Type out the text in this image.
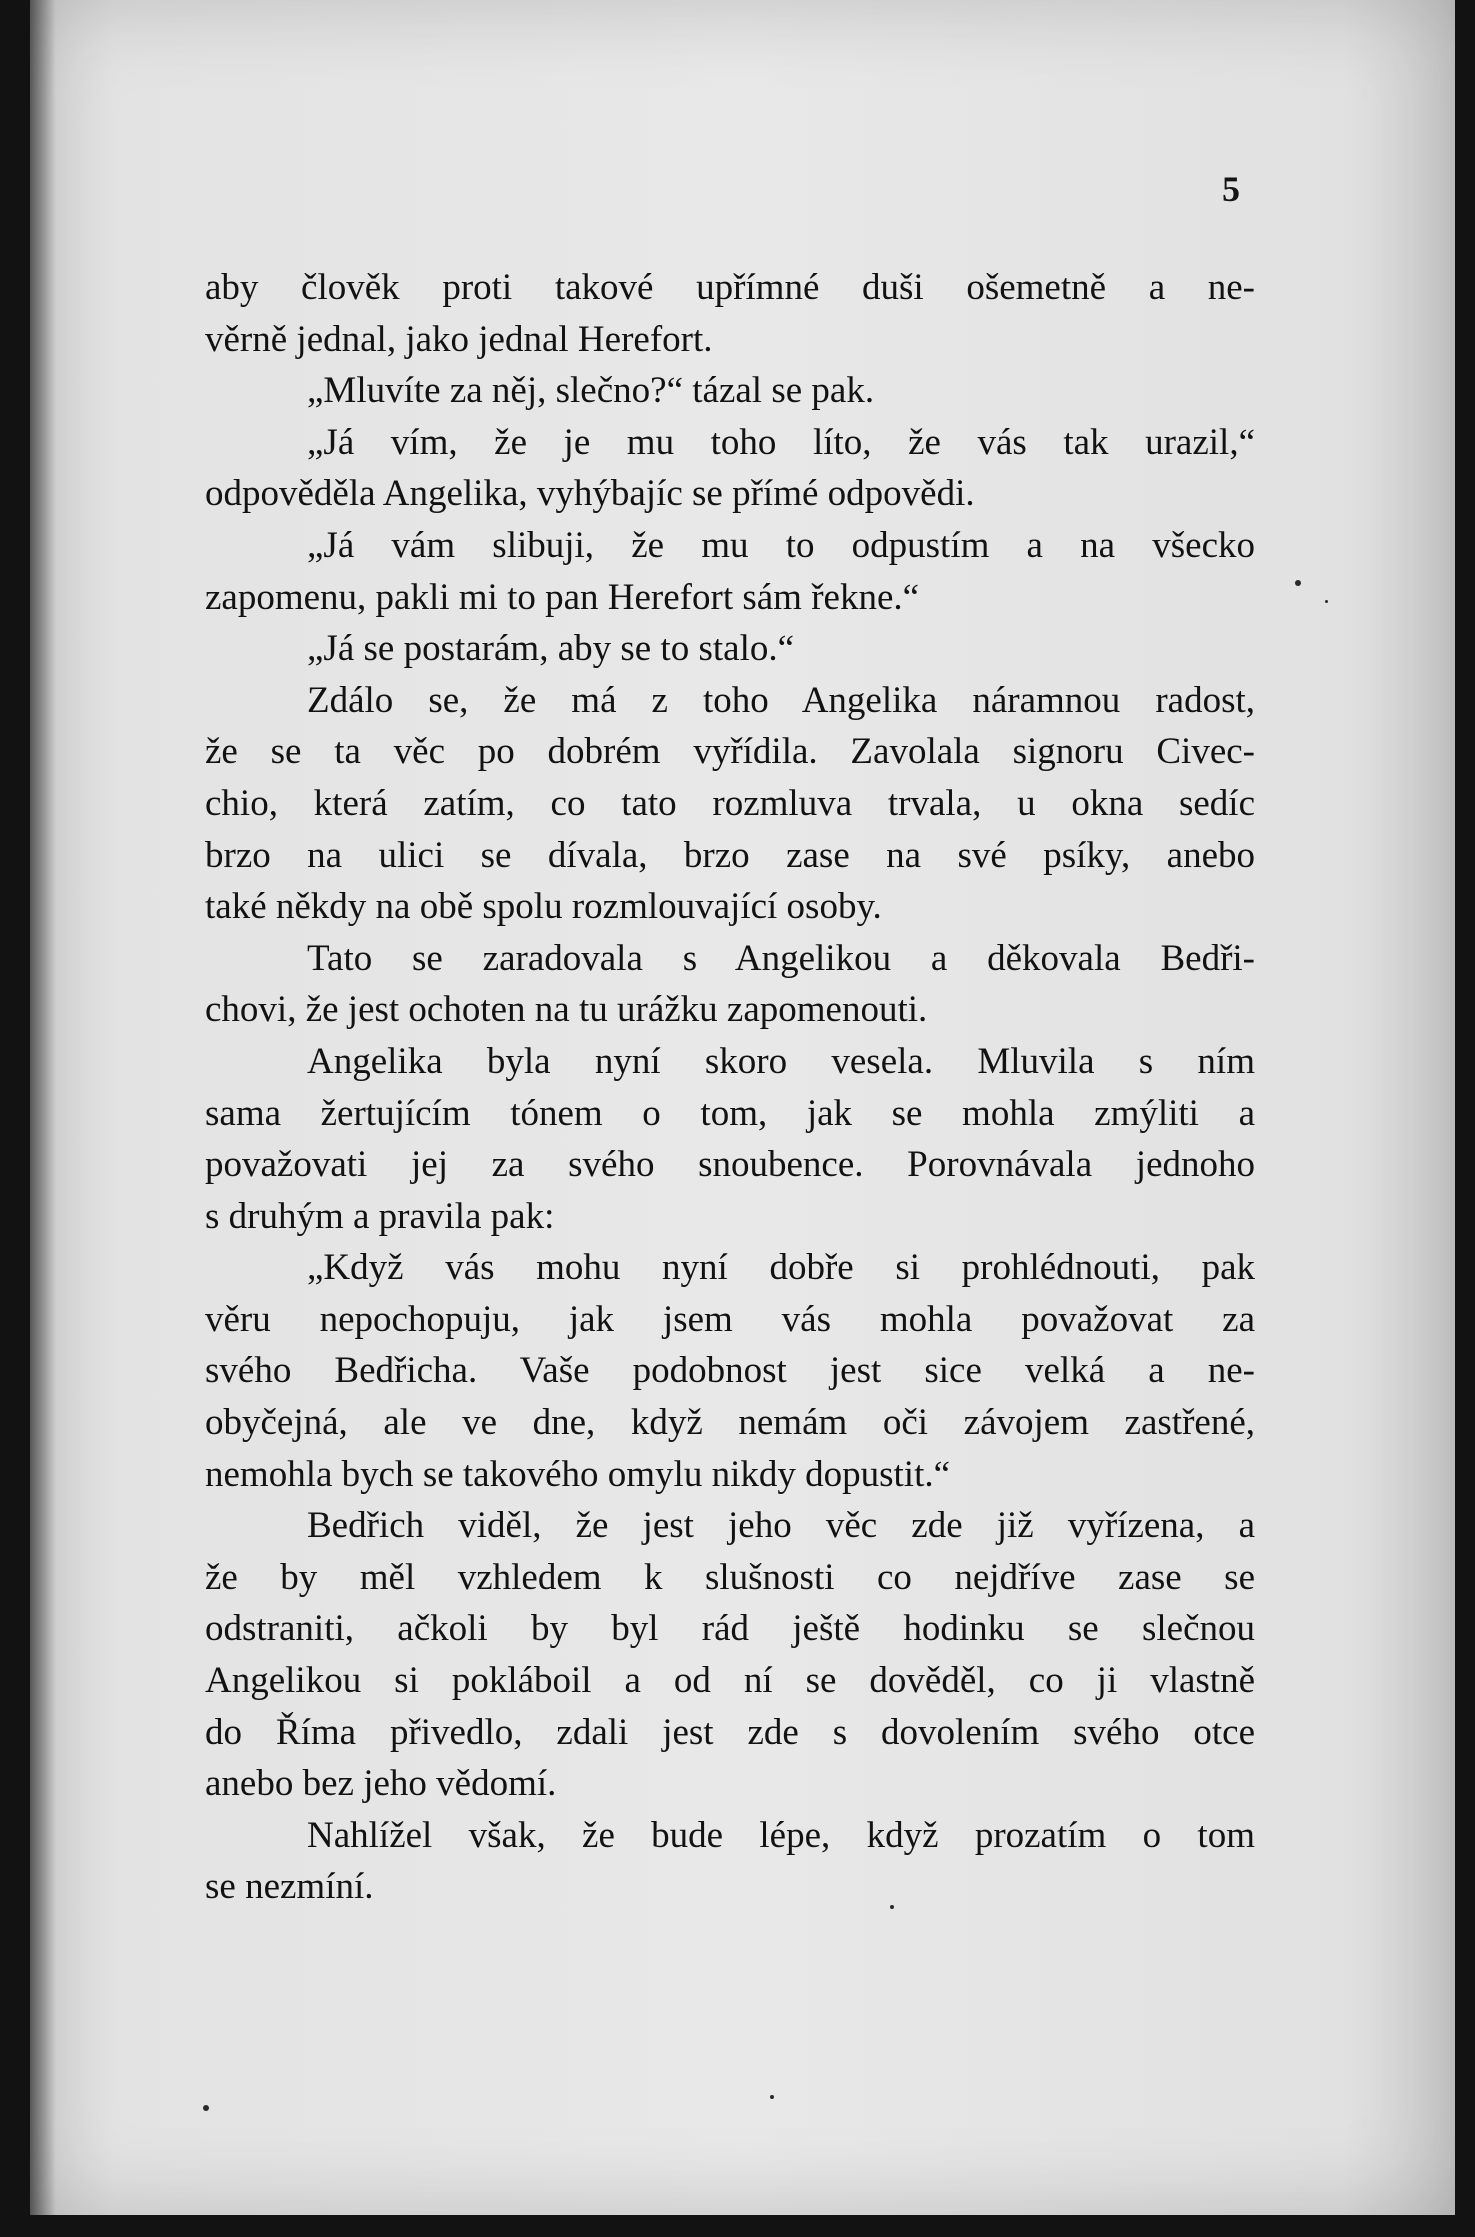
5
aby člověk proti takové upřímné duši ošemetně a ne-
věrně jednal, jako jednal Herefort.
„Mluvíte za něj, slečno?“ tázal se pak.
„Já vím, že je mu toho líto, že vás tak urazil,“
odpověděla Angelika, vyhýbajíc se přímé odpovědi.
„Já vám slibuji, že mu to odpustím a na všecko
zapomenu, pakli mi to pan Herefort sám řekne.“
„Já se postarám, aby se to stalo.“
Zdálo se, že má z toho Angelika náramnou radost,
že se ta věc po dobrém vyřídila. Zavolala signoru Civec-
chio, která zatím, co tato rozmluva trvala, u okna sedíc
brzo na ulici se dívala, brzo zase na své psíky, anebo
také někdy na obě spolu rozmlouvající osoby.
Tato se zaradovala s Angelikou a děkovala Bedři-
chovi, že jest ochoten na tu urážku zapomenouti.
Angelika byla nyní skoro vesela. Mluvila s ním
sama žertujícím tónem o tom, jak se mohla zmýliti a
považovati jej za svého snoubence. Porovnávala jednoho
s druhým a pravila pak:
„Když vás mohu nyní dobře si prohlédnouti, pak
věru nepochopuju, jak jsem vás mohla považovat za
svého Bedřicha. Vaše podobnost jest sice velká a ne-
obyčejná, ale ve dne, když nemám oči závojem zastřené,
nemohla bych se takového omylu nikdy dopustit.“
Bedřich viděl, že jest jeho věc zde již vyřízena, a
že by měl vzhledem k slušnosti co nejdříve zase se
odstraniti, ačkoli by byl rád ještě hodinku se slečnou
Angelikou si pokláboil a od ní se dověděl, co ji vlastně
do Říma přivedlo, zdali jest zde s dovolením svého otce
anebo bez jeho vědomí.
Nahlížel však, že bude lépe, když prozatím o tom
se nezmíní.
